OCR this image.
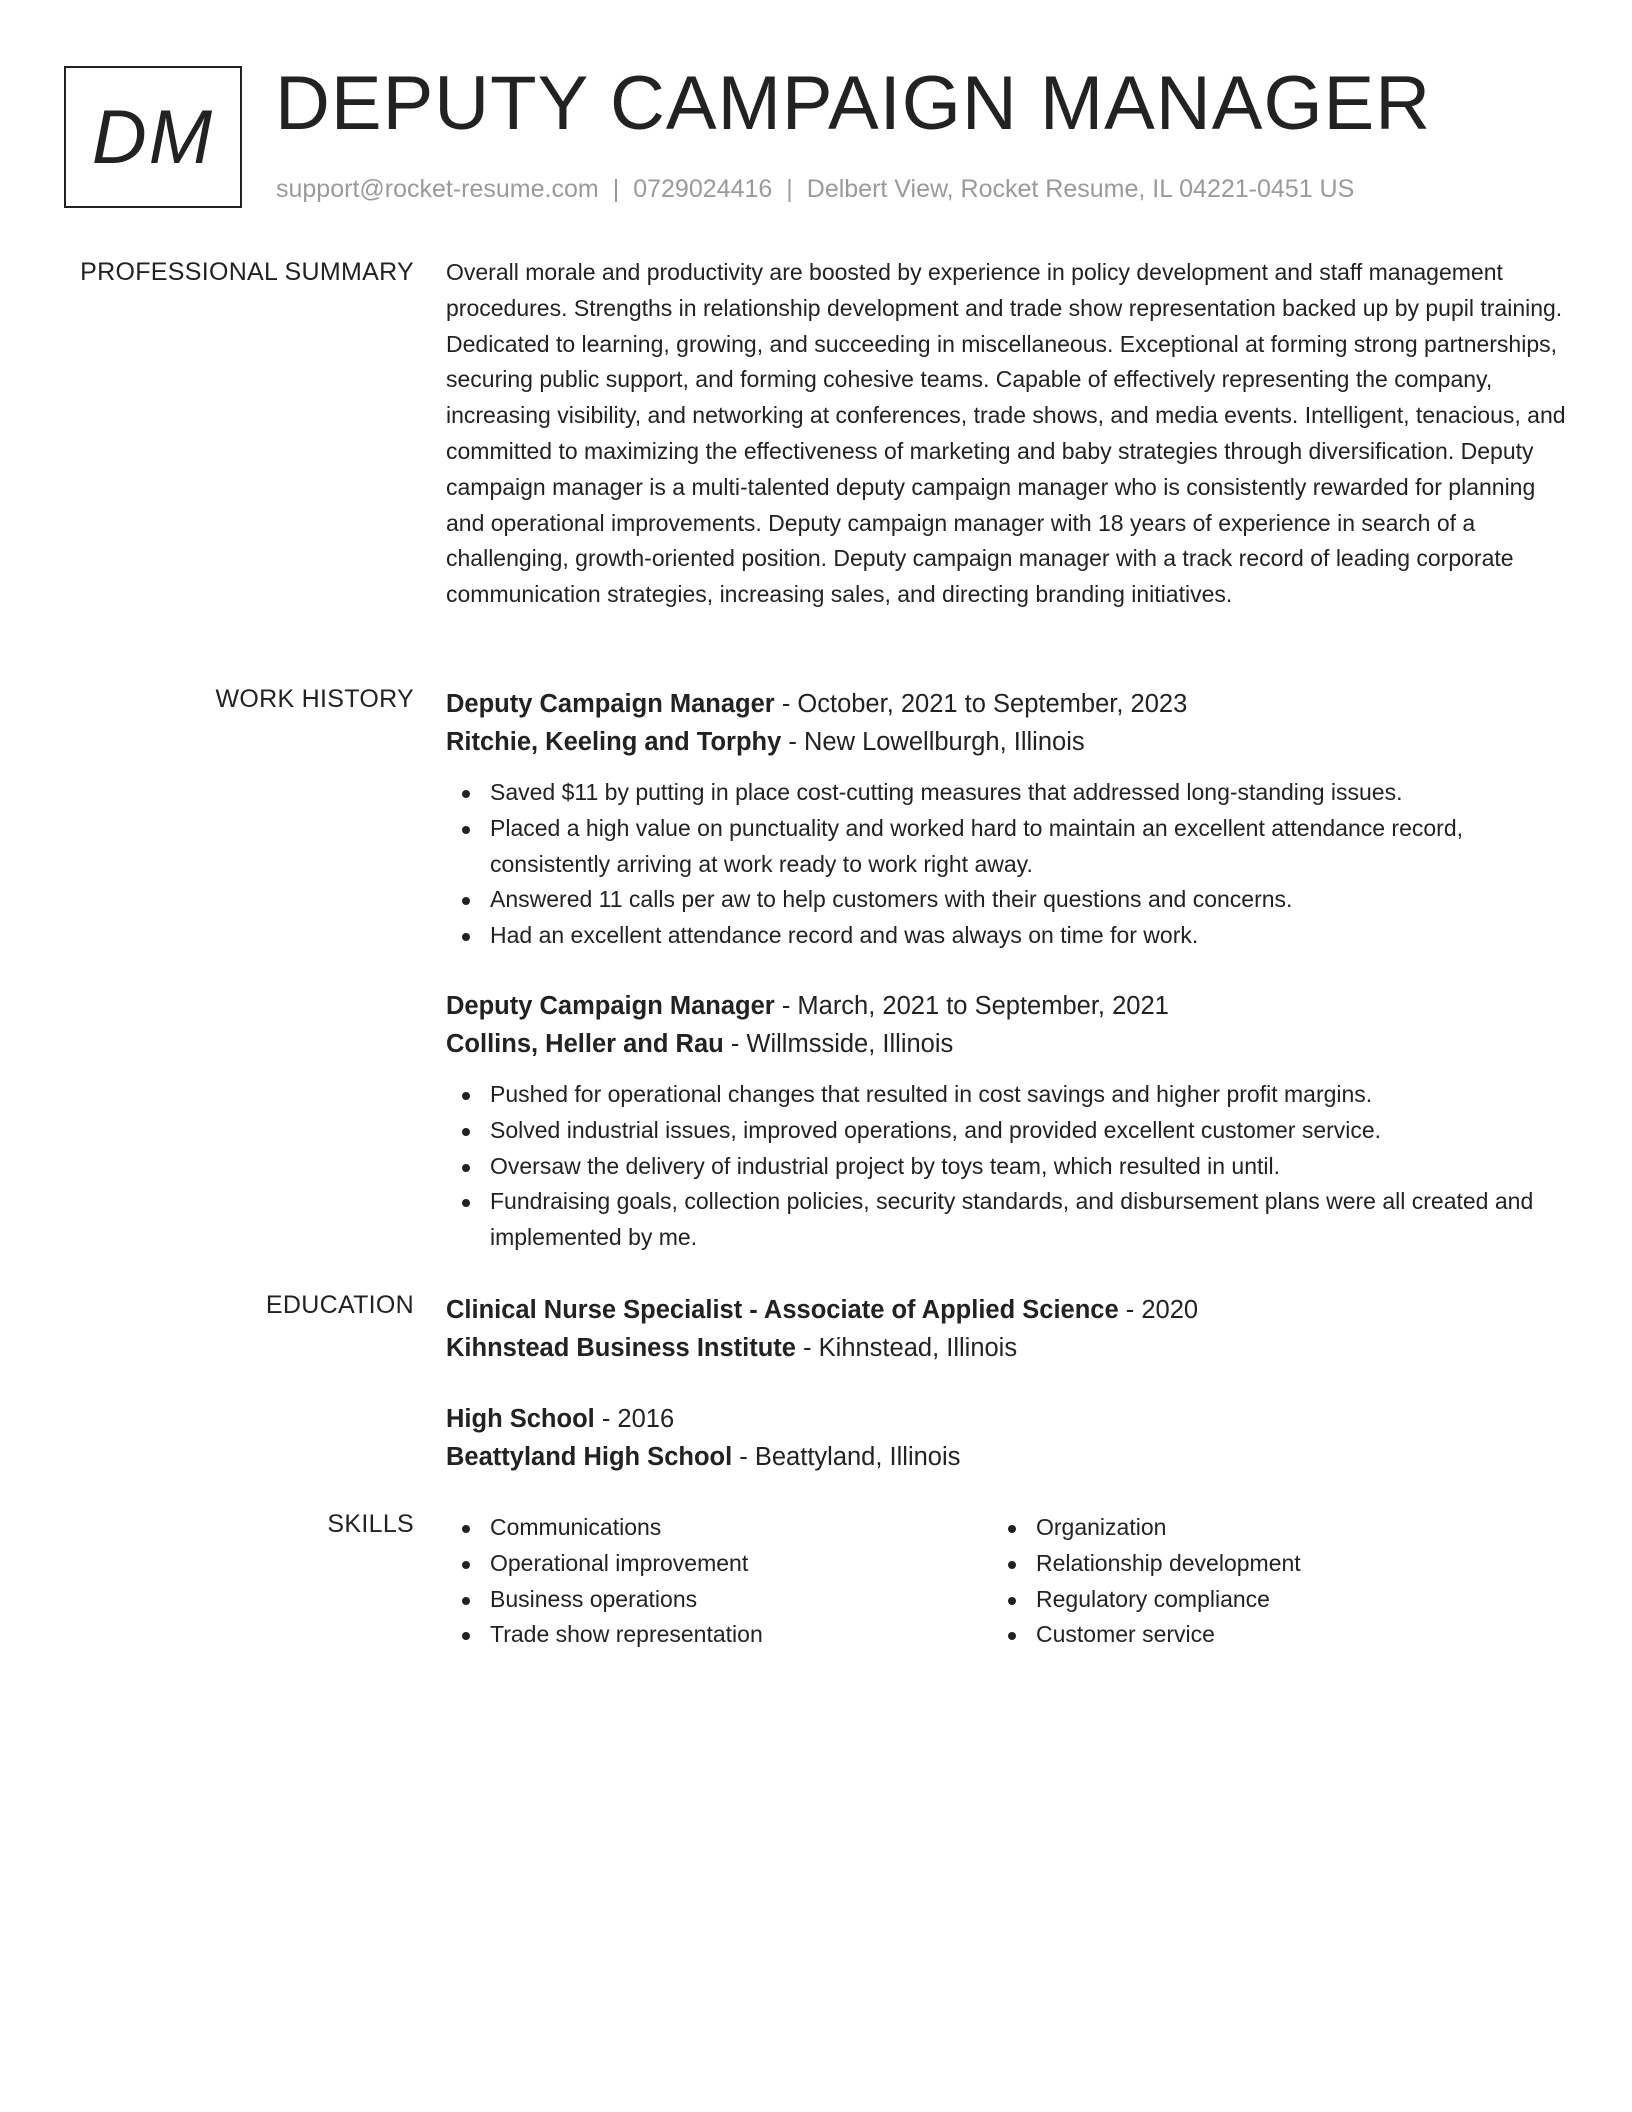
DM DEPUTY CAMPAIGN MANAGER
support@rocket-resume.com | 0729024416 | Delbert View, Rocket Resume, IL 04221-0451 US
PROFESSIONAL SUMMARY Overall morale and productivity are boosted by experience in policy development and staff management procedures. Strengths in relationship development and trade show representation backed up by pupil training. Dedicated to learning, growing, and succeeding in miscellaneous. Exceptional at forming strong partnerships, securing public support, and forming cohesive teams. Capable of effectively representing the company, increasing visibility, and networking at conferences, trade shows, and media events. Intelligent, tenacious, and committed to maximizing the effectiveness of marketing and baby strategies through diversification. Deputy campaign manager is a multi-talented deputy campaign manager who is consistently rewarded for planning and operational improvements. Deputy campaign manager with 18 years of experience in search of a challenging, growth-oriented position. Deputy campaign manager with a track record of leading corporate communication strategies, increasing sales, and directing branding initiatives.

WORK HISTORY Deputy Campaign Manager - October, 2021 to September, 2023
Ritchie, Keeling and Torphy - New Lowellburgh, Illinois
Saved $11 by putting in place cost-cutting measures that addressed long-standing issues.
Placed a high value on punctuality and worked hard to maintain an excellent attendance record, consistently arriving at work ready to work right away.
Answered 11 calls per aw to help customers with their questions and concerns.
Had an excellent attendance record and was always on time for work.
Deputy Campaign Manager - March, 2021 to September, 2021
Collins, Heller and Rau - Willmsside, Illinois
Pushed for operational changes that resulted in cost savings and higher profit margins.
Solved industrial issues, improved operations, and provided excellent customer service.
Oversaw the delivery of industrial project by toys team, which resulted in until.
Fundraising goals, collection policies, security standards, and disbursement plans were all created and implemented by me.
EDUCATION Clinical Nurse Specialist - Associate of Applied Science - 2020
Kihnstead Business Institute - Kihnstead, Illinois
High School - 2016
Beattyland High School - Beattyland, Illinois
SKILLS	Communications
Operational improvement
Business operations
Trade show representation
Organization
Relationship development
Regulatory compliance
Customer service
